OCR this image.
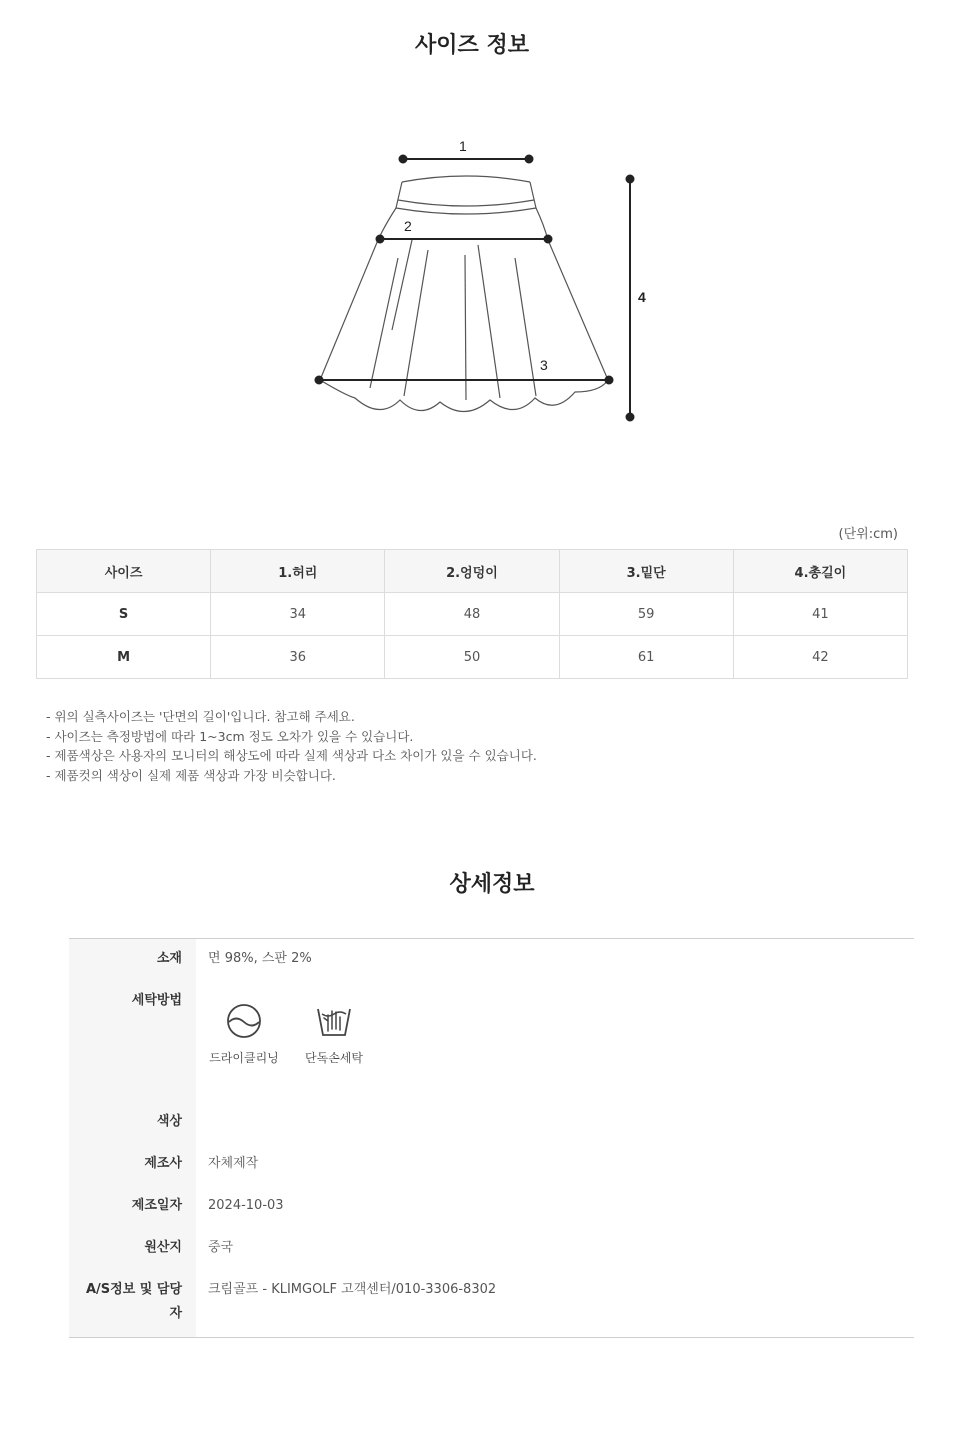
사이즈 정보
1
2
3
4
(단위:cm)
사이즈	1.허리	2.엉덩이	3.밑단	4.총길이
S	34	48	59	41
M	36	50	61	42
- 위의 실측사이즈는 '단면의 길이'입니다. 참고해 주세요.
- 사이즈는 측정방법에 따라 1~3cm 정도 오차가 있을 수 있습니다.
- 제품색상은 사용자의 모니터의 해상도에 따라 실제 색상과 다소 차이가 있을 수 있습니다.
- 제품컷의 색상이 실제 제품 색상과 가장 비슷합니다.
상세정보
소재 면 98%, 스판 2%
세탁방법
드라이클리닝	단독손세탁
색상
제조사 자체제작
제조일자 2024-10-03
원산지 중국
A/S정보 및 담당
자
크림골프 - KLIMGOLF 고객센터/010-3306-8302
